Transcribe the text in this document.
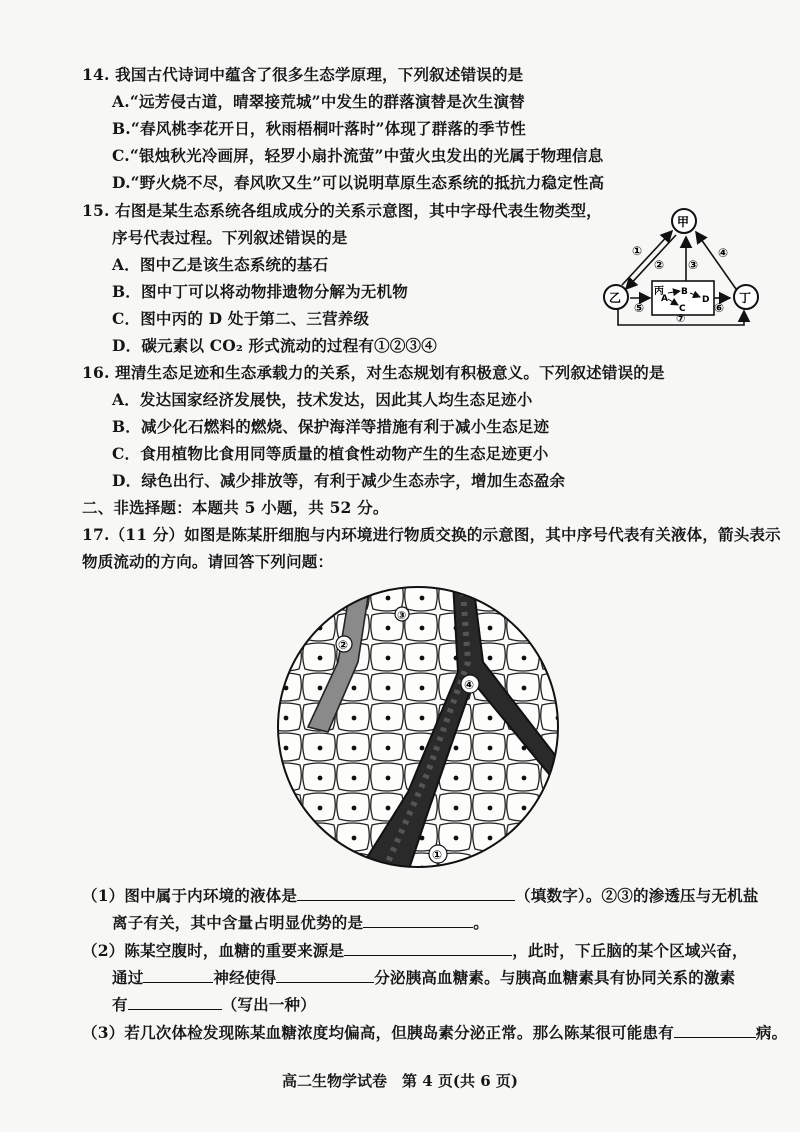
14. 我国古代诗词中蕴含了很多生态学原理，下列叙述错误的是
A.“远芳侵古道，晴翠接荒城”中发生的群落演替是次生演替
B.“春风桃李花开日，秋雨梧桐叶落时”体现了群落的季节性
C.“银烛秋光冷画屏，轻罗小扇扑流萤”中萤火虫发出的光属于物理信息
D.“野火烧不尽，春风吹又生”可以说明草原生态系统的抵抗力稳定性高
15. 右图是某生态系统各组成成分的关系示意图，其中字母代表生物类型，
序号代表过程。下列叙述错误的是
A．图中乙是该生态系统的基石
B．图中丁可以将动物排遗物分解为无机物
C．图中丙的 D 处于第二、三营养级
D．碳元素以 CO₂ 形式流动的过程有①②③④
甲
乙	丁
丙
A
B
C
D
①
② ③
④
⑤	⑥
⑦
16. 理清生态足迹和生态承载力的关系，对生态规划有积极意义。下列叙述错误的是
A．发达国家经济发展快，技术发达，因此其人均生态足迹小
B．减少化石燃料的燃烧、保护海洋等措施有利于减小生态足迹
C．食用植物比食用同等质量的植食性动物产生的生态足迹更小
D．绿色出行、减少排放等，有利于减少生态赤字，增加生态盈余
二、非选择题：本题共 5 小题，共 52 分。
17.（11 分）如图是陈某肝细胞与内环境进行物质交换的示意图，其中序号代表有关液体，箭头表示
物质流动的方向。请回答下列问题：
②
③
④
①
（1）图中属于内环境的液体是	（填数字）。②③的渗透压与无机盐
离子有关，其中含量占明显优势的是	。
（2）陈某空腹时，血糖的重要来源是	，此时，下丘脑的某个区域兴奋，
通过	神经使得	分泌胰高血糖素。与胰高血糖素具有协同关系的激素
有	（写出一种）
（3）若几次体检发现陈某血糖浓度均偏高，但胰岛素分泌正常。那么陈某很可能患有	病。
高二生物学试卷　第 4 页(共 6 页)
